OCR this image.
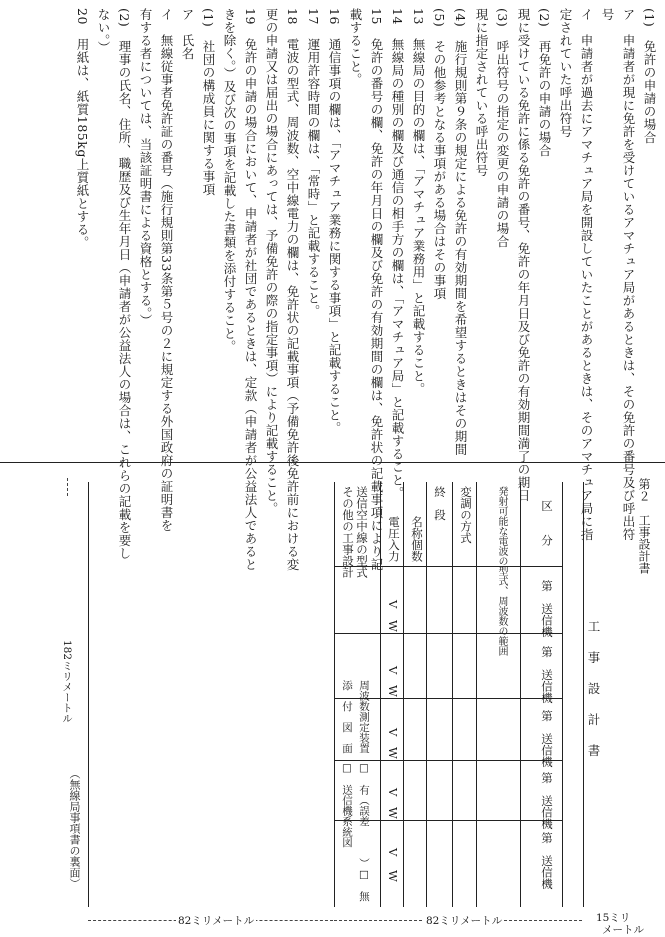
(1)　免許の申請の場合
ア　申請者が現に免許を受けているアマチュア局があるときは、その免許の番号及び呼出符
号
イ　申請者が過去にアマチュア局を開設していたことがあるときは、そのアマチュア局に指
定されていた呼出符号
(2)　再免許の申請の場合
現に受けている免許に係る免許の番号、免許の年月日及び免許の有効期間満了の期日
(3)　呼出符号の指定の変更の申請の場合
現に指定されている呼出符号
(4)　施行規則第９条の規定による免許の有効期間を希望するときはその期間
(5)　その他参考となる事項がある場合はその事項
13　無線局の目的の欄は、「アマチュア業務用」と記載すること。
14　無線局の種別の欄及び通信の相手方の欄は、「アマチュア局」と記載すること。
15　免許の番号の欄、免許の年月日の欄及び免許の有効期間の欄は、免許状の記載事項により記
載すること。
16　通信事項の欄は、「アマチュア業務に関する事項」と記載すること。
17　運用許容時間の欄は、「常時」と記載すること。
18　電波の型式、周波数、空中線電力の欄は、免許状の記載事項（予備免許後免許前における変
更の申請又は届出の場合にあっては、予備免許の際の指定事項）により記載すること。
19　免許の申請の場合において、申請者が社団であるときは、定款（申請者が公益法人であると
きを除く。）及び次の事項を記載した書類を添付すること。
(1)　社団の構成員に関する事項
ア　氏名
イ　無線従事者免許証の番号（施行規則第33条第５号の２に規定する外国政府の証明書を
有する者については、当該証明書による資格とする。）
(2)　理事の氏名、住所、職歴及び生年月日（申請者が公益法人の場合は、これらの記載を要し
ない。）
20　用紙は、紙質185kg上質紙とする。
第２　工事設計書
工　事　設　計　書
区　　分
発射可能な電波の型式、周波数の範囲
変調の方式
終　段
名称個数
電圧入力
送信空中線の型式
その他の工事設計
第　送信機
第　送信機
第　送信機
第　送信機
第　送信機
V
W
V
W
V
W
V
W
V
W
周波数測定装置
□　有（誤差　　　）□　無
添　付　図　面
□　送信機系統図
（無線局事項書の裏面）
15ミリ
メートル
182ミリメートル
82ミリメートル	82ミリメートル
